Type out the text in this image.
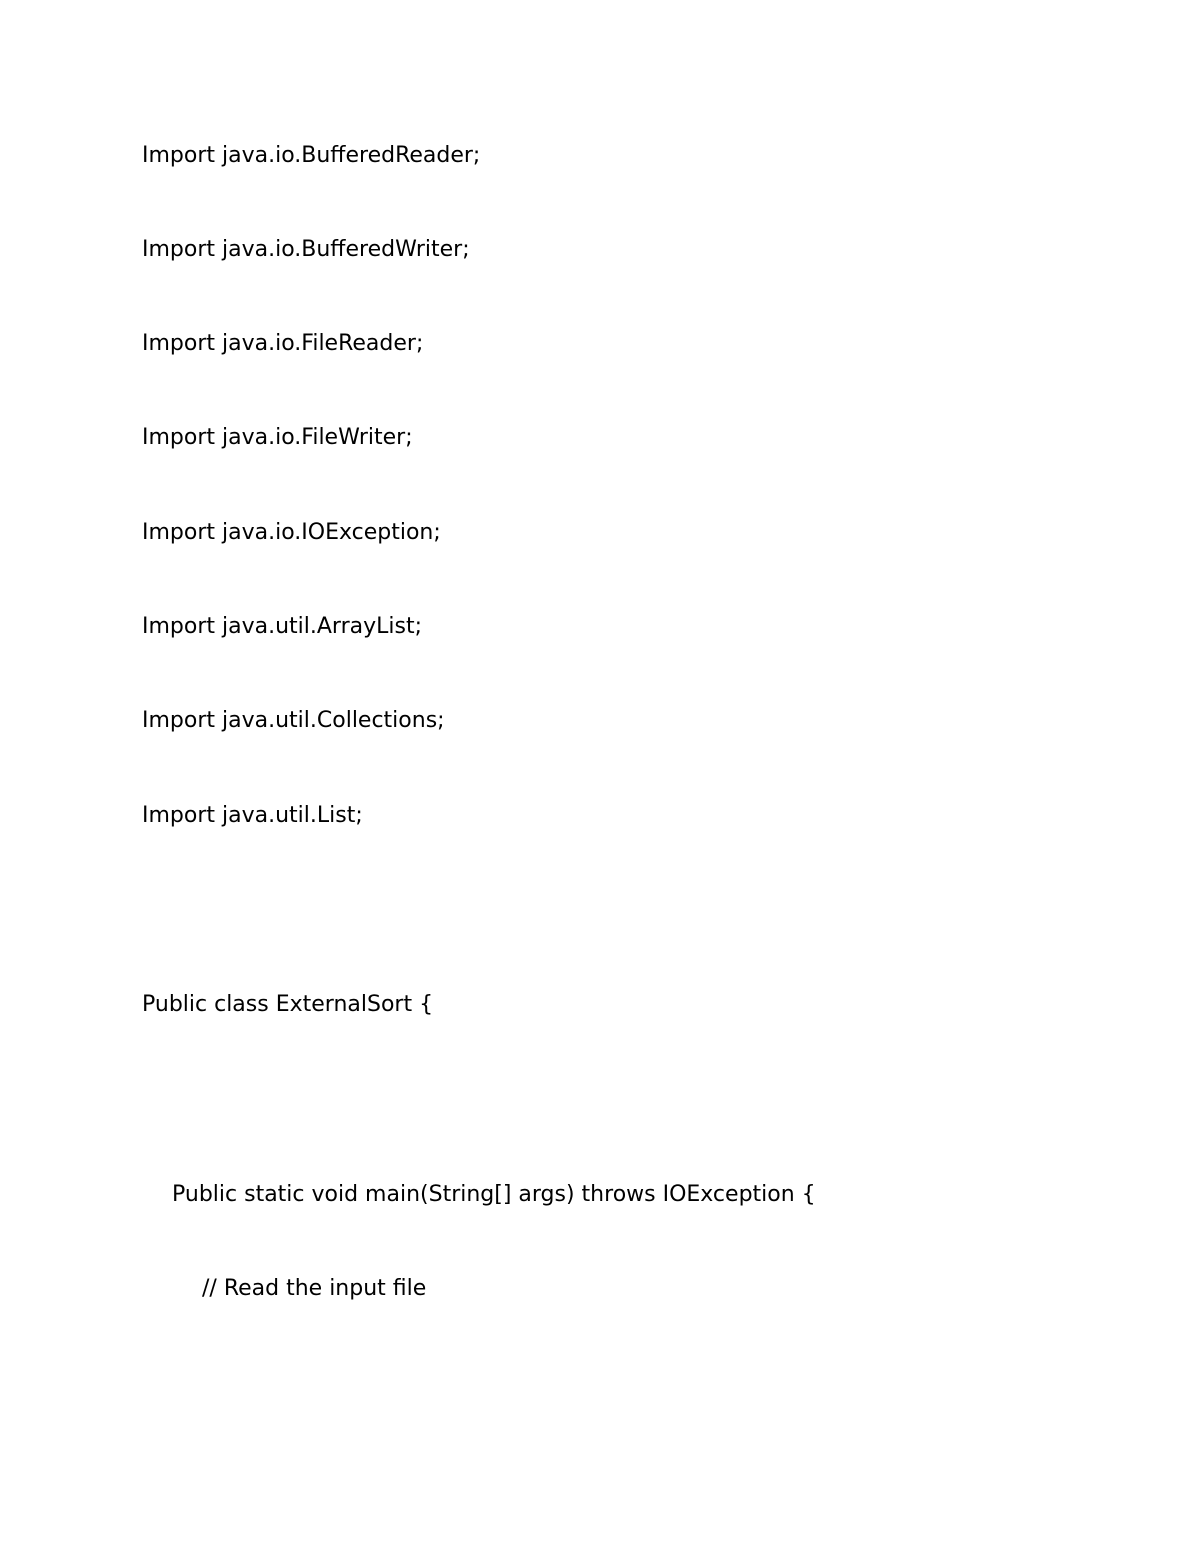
Import java.io.BufferedReader;
Import java.io.BufferedWriter;
Import java.io.FileReader;
Import java.io.FileWriter;
Import java.io.IOException;
Import java.util.ArrayList;
Import java.util.Collections;
Import java.util.List;
Public class ExternalSort {
Public static void main(String[] args) throws IOException {
// Read the input file
